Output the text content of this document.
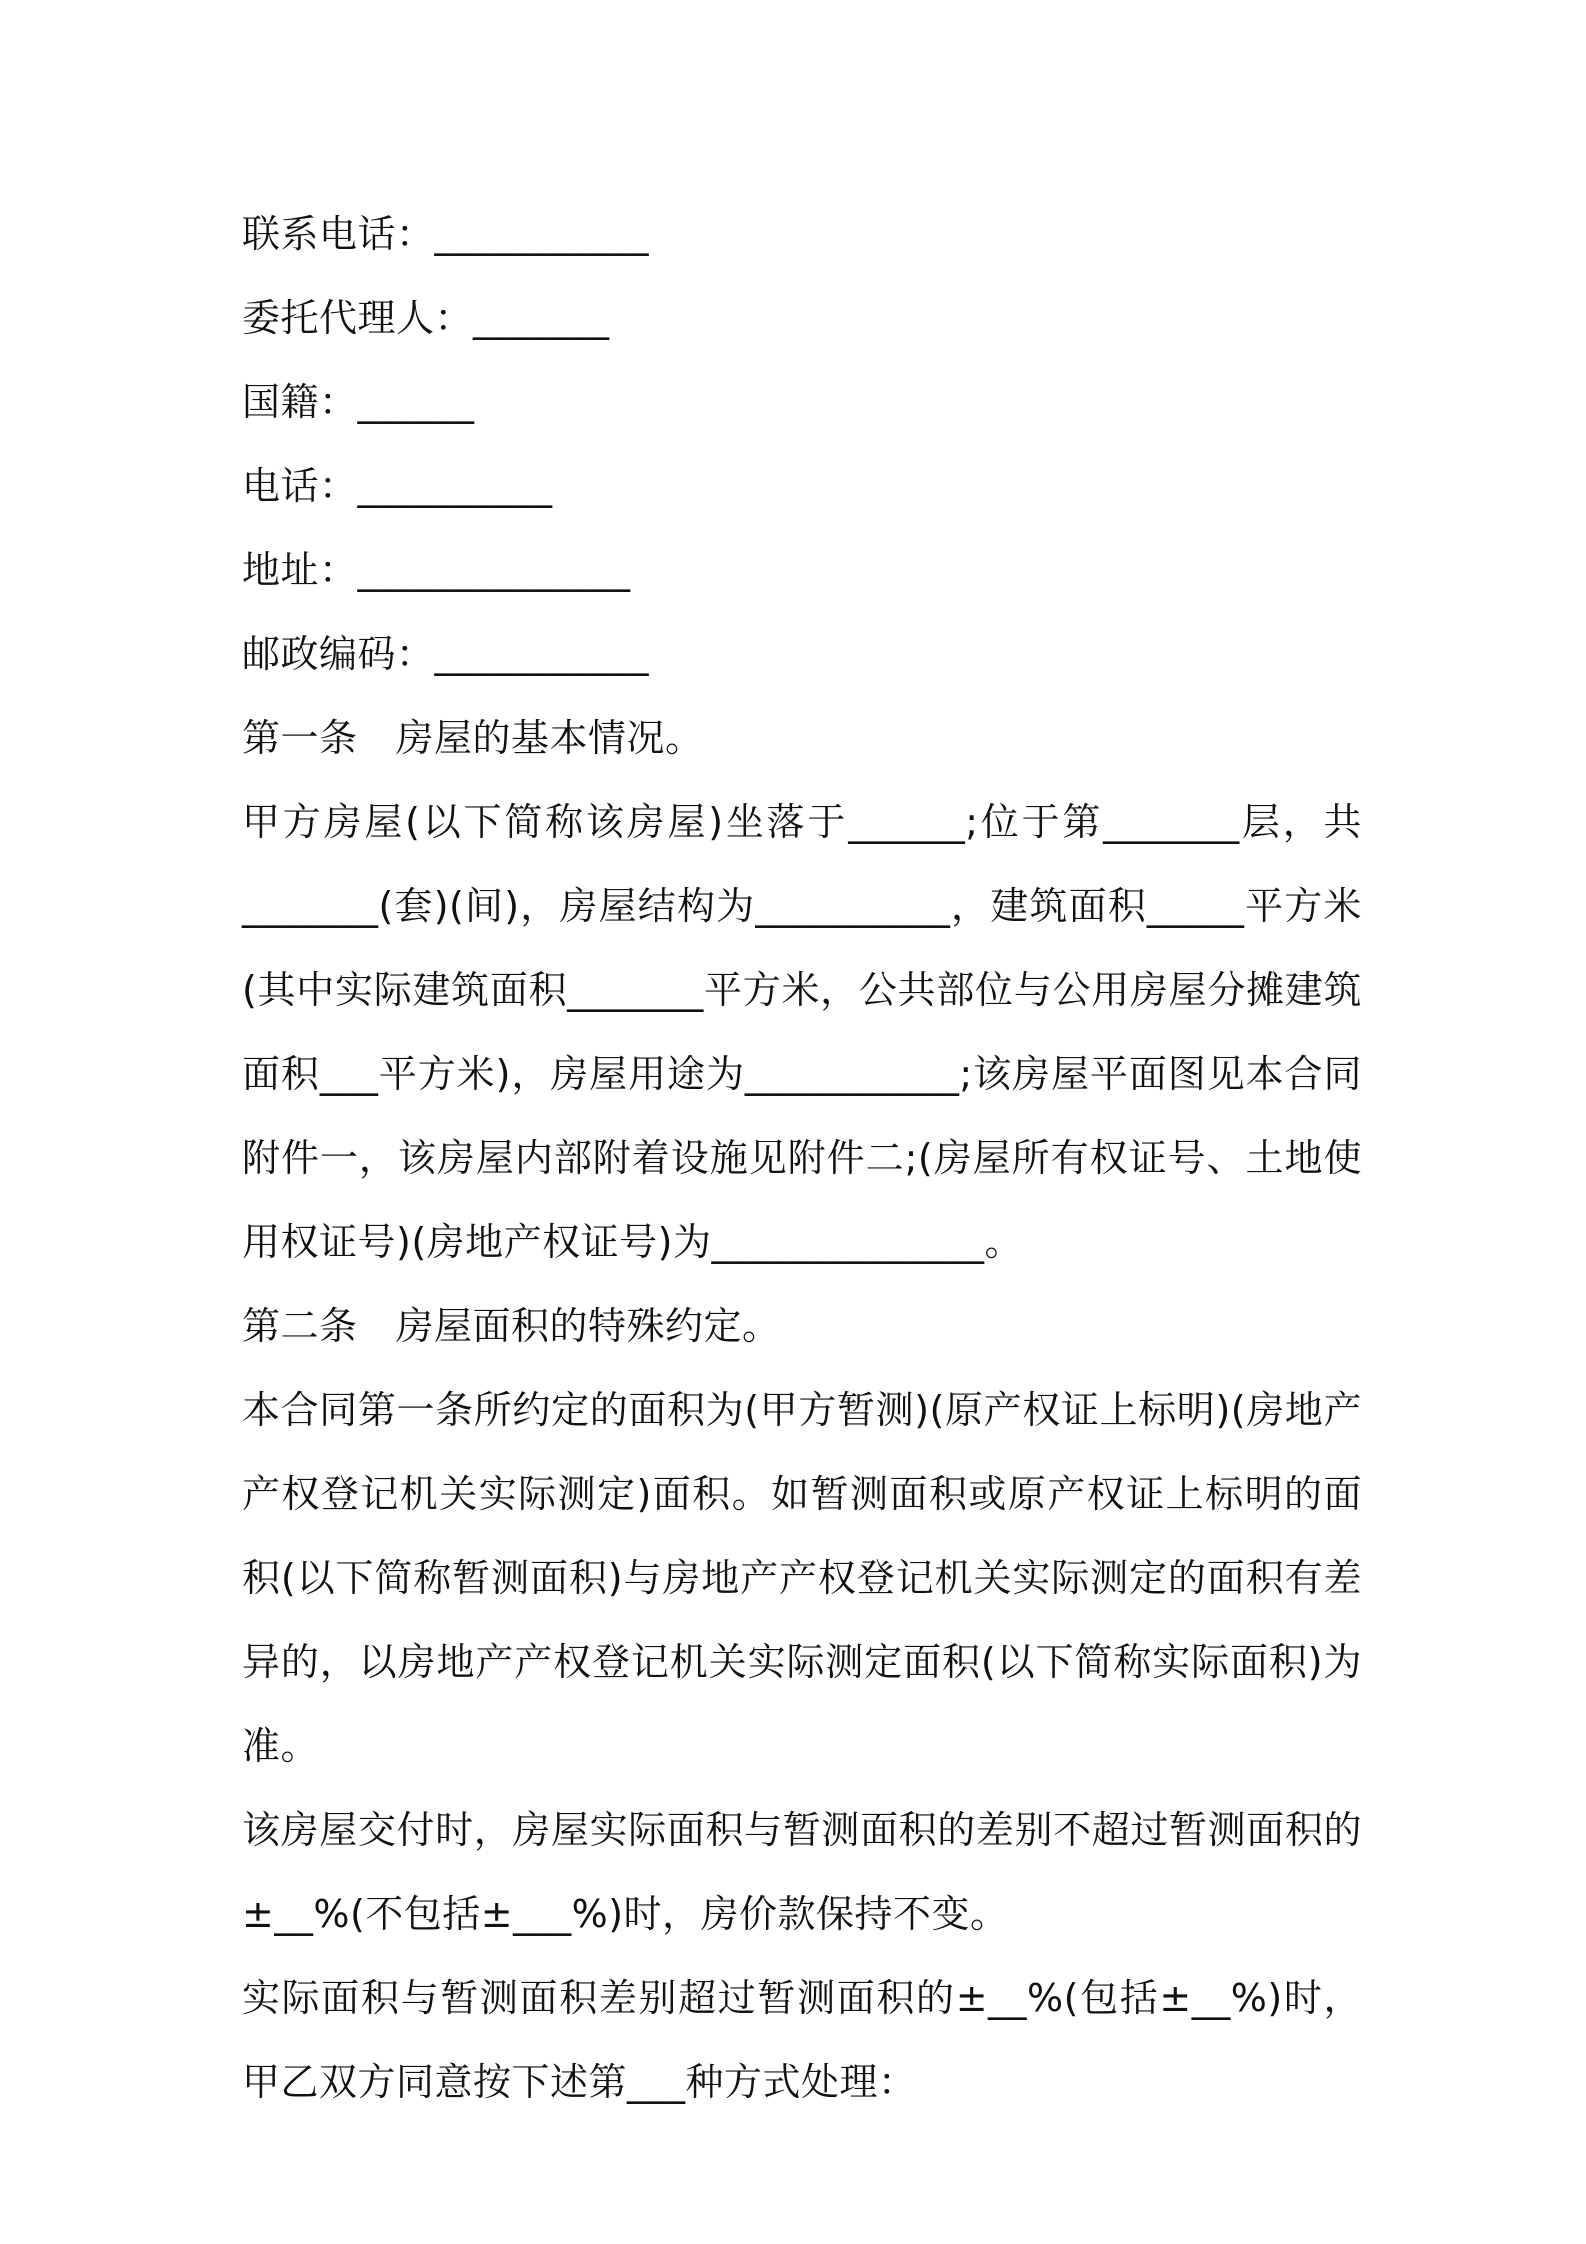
联系电话：___________
委托代理人：_______
国籍：______
电话：__________
地址：______________
邮政编码：___________
第一条 房屋的基本情况。
甲方房屋(以下简称该房屋)坐落于______;位于第_______层，共_______(套)(间)，房屋结构为__________，建筑面积_____平方米(其中实际建筑面积_______平方米，公共部位与公用房屋分摊建筑面积___平方米)，房屋用途为___________;该房屋平面图见本合同附件一，该房屋内部附着设施见附件二;(房屋所有权证号、土地使用权证号)(房地产权证号)为______________。
第二条 房屋面积的特殊约定。
本合同第一条所约定的面积为(甲方暂测)(原产权证上标明)(房地产产权登记机关实际测定)面积。如暂测面积或原产权证上标明的面积(以下简称暂测面积)与房地产产权登记机关实际测定的面积有差异的，以房地产产权登记机关实际测定面积(以下简称实际面积)为准。
该房屋交付时，房屋实际面积与暂测面积的差别不超过暂测面积的±__%(不包括±___%)时，房价款保持不变。
实际面积与暂测面积差别超过暂测面积的±__%(包括±__%)时，甲乙双方同意按下述第___种方式处理：
